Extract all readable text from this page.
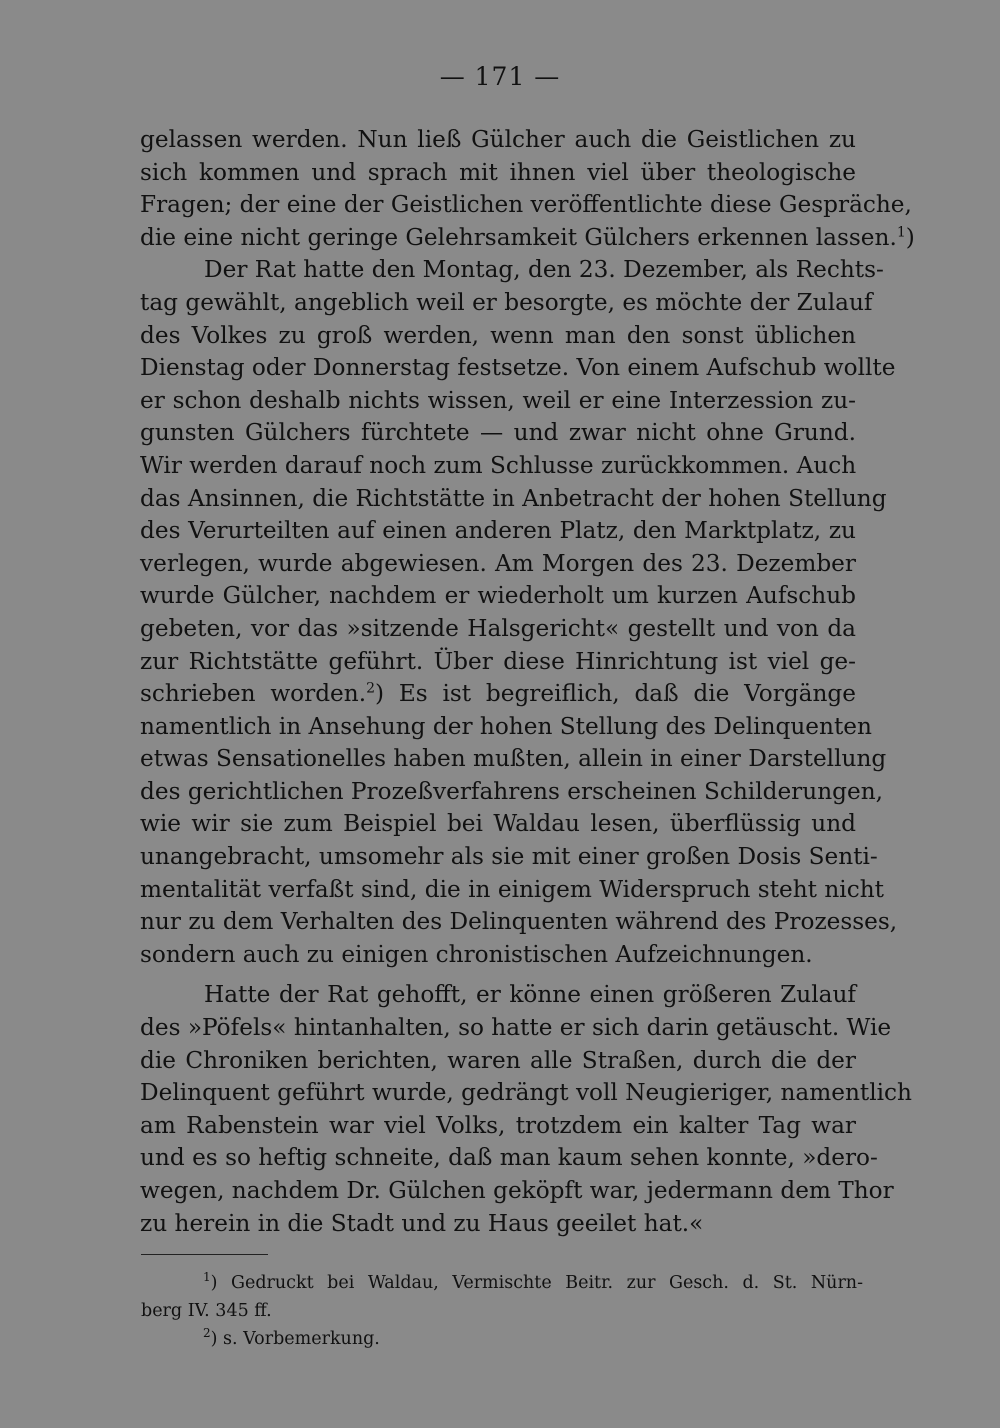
— 171 —
gelassen werden. Nun ließ Gülcher auch die Geistlichen zu
sich kommen und sprach mit ihnen viel über theologische
Fragen; der eine der Geistlichen veröffentlichte diese Gespräche,
die eine nicht geringe Gelehrsamkeit Gülchers erkennen lassen.$^1$)
Der Rat hatte den Montag, den 23. Dezember, als Rechts-
tag gewählt, angeblich weil er besorgte, es möchte der Zulauf
des Volkes zu groß werden, wenn man den sonst üblichen
Dienstag oder Donnerstag festsetze. Von einem Aufschub wollte
er schon deshalb nichts wissen, weil er eine Interzession zu-
gunsten Gülchers fürchtete — und zwar nicht ohne Grund.
Wir werden darauf noch zum Schlusse zurückkommen. Auch
das Ansinnen, die Richtstätte in Anbetracht der hohen Stellung
des Verurteilten auf einen anderen Platz, den Marktplatz, zu
verlegen, wurde abgewiesen. Am Morgen des 23. Dezember
wurde Gülcher, nachdem er wiederholt um kurzen Aufschub
gebeten, vor das »sitzende Halsgericht« gestellt und von da
zur Richtstätte geführt. Über diese Hinrichtung ist viel ge-
schrieben worden.$^2$) Es ist begreiflich, daß die Vorgänge
namentlich in Ansehung der hohen Stellung des Delinquenten
etwas Sensationelles haben mußten, allein in einer Darstellung
des gerichtlichen Prozeßverfahrens erscheinen Schilderungen,
wie wir sie zum Beispiel bei Waldau lesen, überflüssig und
unangebracht, umsomehr als sie mit einer großen Dosis Senti-
mentalität verfaßt sind, die in einigem Widerspruch steht nicht
nur zu dem Verhalten des Delinquenten während des Prozesses,
sondern auch zu einigen chronistischen Aufzeichnungen.
Hatte der Rat gehofft, er könne einen größeren Zulauf
des »Pöfels« hintanhalten, so hatte er sich darin getäuscht. Wie
die Chroniken berichten, waren alle Straßen, durch die der
Delinquent geführt wurde, gedrängt voll Neugieriger, namentlich
am Rabenstein war viel Volks, trotzdem ein kalter Tag war
und es so heftig schneite, daß man kaum sehen konnte, »dero-
wegen, nachdem Dr. Gülchen geköpft war, jedermann dem Thor
zu herein in die Stadt und zu Haus geeilet hat.«
$^1$) Gedruckt bei Waldau, Vermischte Beitr. zur Gesch. d. St. Nürn-
berg IV. 345 ff.
$^2$) s. Vorbemerkung.
